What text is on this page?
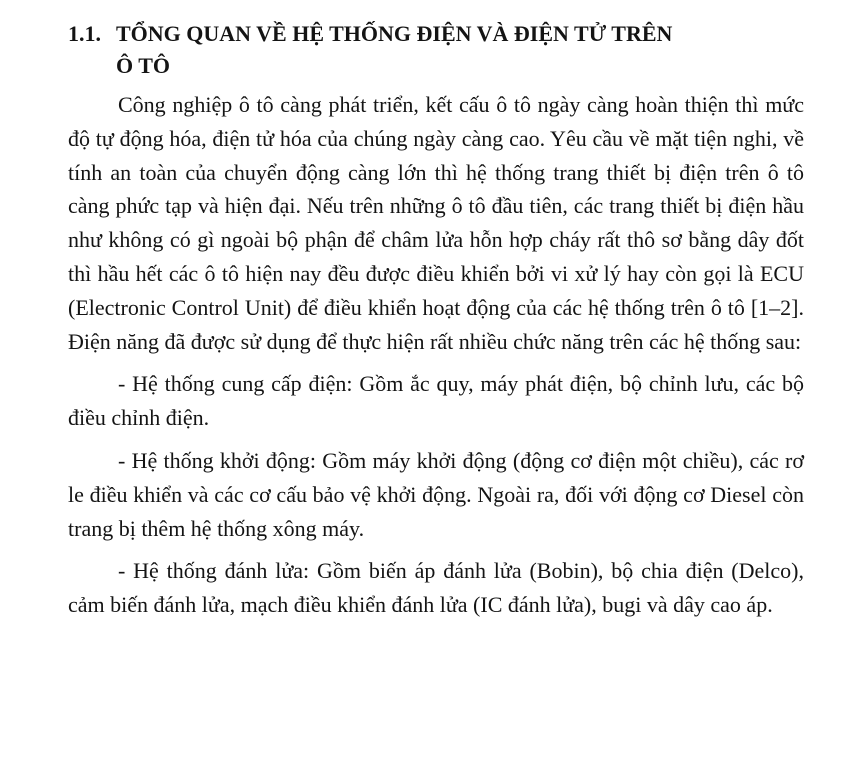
1.1. TỔNG QUAN VỀ HỆ THỐNG ĐIỆN VÀ ĐIỆN TỬ TRÊN Ô TÔ

Công nghiệp ô tô càng phát triển, kết cấu ô tô ngày càng hoàn thiện thì mức độ tự động hóa, điện tử hóa của chúng ngày càng cao. Yêu cầu về mặt tiện nghi, về tính an toàn của chuyển động càng lớn thì hệ thống trang thiết bị điện trên ô tô càng phức tạp và hiện đại. Nếu trên những ô tô đầu tiên, các trang thiết bị điện hầu như không có gì ngoài bộ phận để châm lửa hỗn hợp cháy rất thô sơ bằng dây đốt thì hầu hết các ô tô hiện nay đều được điều khiển bởi vi xử lý hay còn gọi là ECU (Electronic Control Unit) để điều khiển hoạt động của các hệ thống trên ô tô [1–2]. Điện năng đã được sử dụng để thực hiện rất nhiều chức năng trên các hệ thống sau:

- Hệ thống cung cấp điện: Gồm ắc quy, máy phát điện, bộ chỉnh lưu, các bộ điều chỉnh điện.

- Hệ thống khởi động: Gồm máy khởi động (động cơ điện một chiều), các rơ le điều khiển và các cơ cấu bảo vệ khởi động. Ngoài ra, đối với động cơ Diesel còn trang bị thêm hệ thống xông máy.

- Hệ thống đánh lửa: Gồm biến áp đánh lửa (Bobin), bộ chia điện (Delco), cảm biến đánh lửa, mạch điều khiển đánh lửa (IC đánh lửa), bugi và dây cao áp.
